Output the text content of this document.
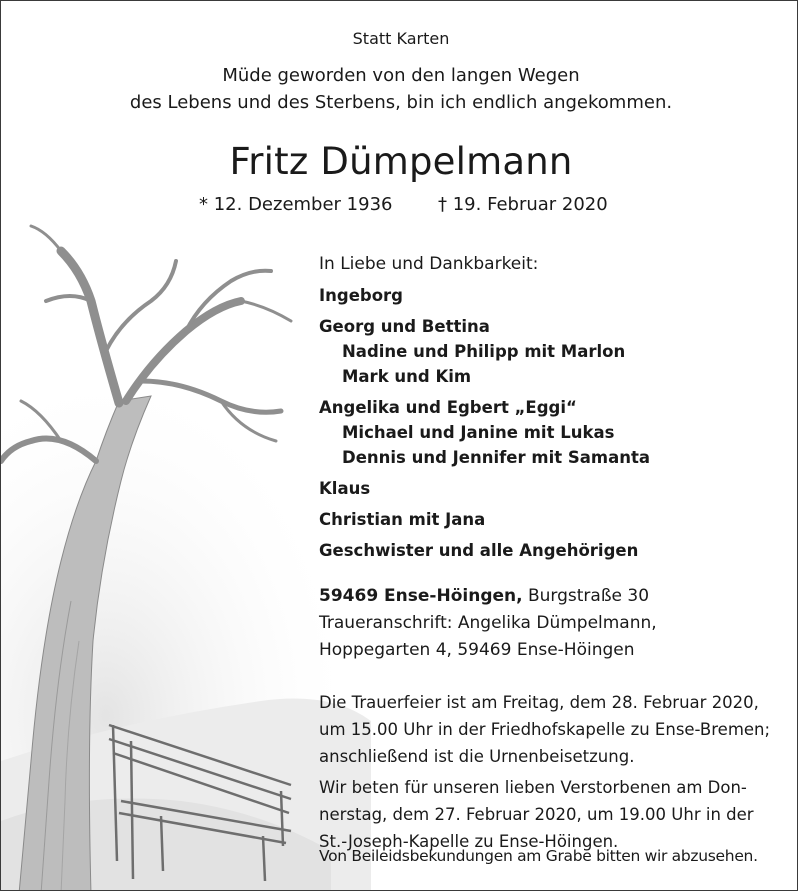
Statt Karten
Müde geworden von den langen Wegen
des Lebens und des Sterbens, bin ich endlich angekommen.
Fritz Dümpelmann
* 12. Dezember 1936	† 19. Februar 2020
In Liebe und Dankbarkeit:
Ingeborg
Georg und Bettina
Nadine und Philipp mit Marlon
Mark und Kim
Angelika und Egbert „Eggi“
Michael und Janine mit Lukas
Dennis und Jennifer mit Samanta
Klaus
Christian mit Jana
Geschwister und alle Angehörigen
59469 Ense-Höingen, Burgstraße 30
Traueranschrift: Angelika Dümpelmann,
Hoppegarten 4, 59469 Ense-Höingen
Die Trauerfeier ist am Freitag, dem 28. Februar 2020,
um 15.00 Uhr in der Friedhofskapelle zu Ense-Bremen;
anschließend ist die Urnenbeisetzung.
Wir beten für unseren lieben Verstorbenen am Don-
nerstag, dem 27. Februar 2020, um 19.00 Uhr in der
St.-Joseph-Kapelle zu Ense-Höingen.
Von Beileidsbekundungen am Grabe bitten wir abzusehen.
